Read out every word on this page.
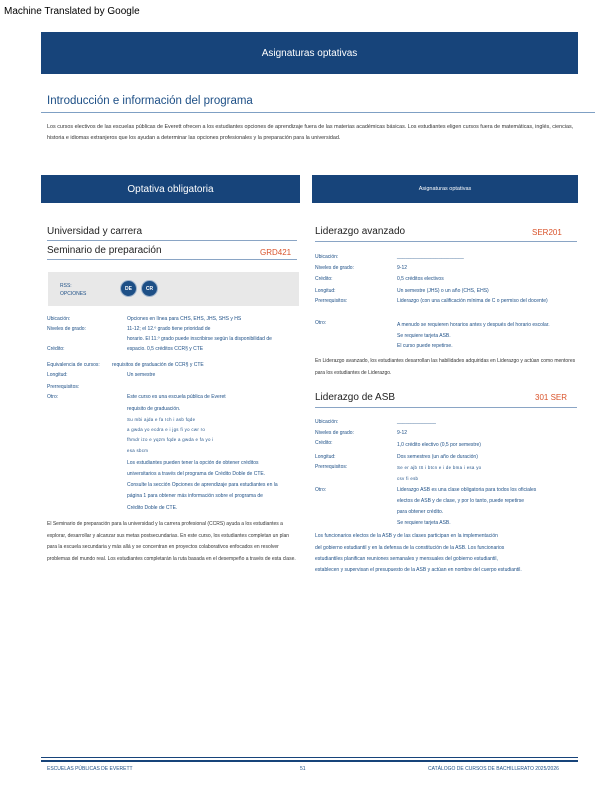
Machine Translated by Google
Asignaturas optativas
Introducción e información del programa
Los cursos electivos de las escuelas públicas de Everett ofrecen a los estudiantes opciones de aprendizaje fuera de las materias académicas básicas. Los estudiantes eligen cursos fuera de matemáticas, inglés, ciencias, historia e idiomas extranjeros que los ayudan a determinar las opciones profesionales y la preparación para la universidad.
Optativa obligatoria	Asignaturas optativas
Universidad y carrera
Seminario de preparación	GRD421
RSS:
OPCIONES
DE	CR
Ubicación:	Opciones en línea para CHS, EHS, JHS, SHS y HS
Niveles de grado:	11-12; el 12.º grado tiene prioridad de
horario. El 11.º grado puede inscribirse según la disponibilidad de
Crédito:	espacio. 0,5 créditos CCR§ y CTE
Equivalencia de cursos: requisitos de graduación de CCR§ y CTE
Longitud:	Un semestre
Prerrequisitos:
Otro:	Este curso es una escuela pública de Everet
requisito de graduación.
Su mbi ajda e fa Ich i asb fqde
a gwda yo ecdra e i jgs fi yo cwr ro
fhmdr izo e yqzm fqde a gwda e fa yo i
esa sbcm
Los estudiantes pueden tener la opción de obtener créditos
universitarios a través del programa de Crédito Doble de CTE.
Consulte la sección Opciones de aprendizaje para estudiantes en la
página 1 para obtener más información sobre el programa de
Crédito Doble de CTE.
El Seminario de preparación para la universidad y la carrera profesional (CCRS) ayuda a los estudiantes a explorar, desarrollar y alcanzar sus metas postsecundarias. En este curso, los estudiantes completan un plan para la escuela secundaria y más allá y se concentran en proyectos colaborativos enfocados en resolver problemas del mundo real. Los estudiantes completarán la ruta basada en el desempeño a través de esta clase.
Liderazgo avanzado	SER201
Ubicación:	________________________
Niveles de grado:	9-12
Crédito:	0,5 créditos electivos
Longitud:	Un semestre (JHS) o un año (CHS, EHS)
Prerrequisitos:	Liderazgo (con una calificación mínima de C o permiso del docente)
Otro:	A menudo se requieren horarios antes y después del horario escolar.
Se requiere tarjeta ASB.
El curso puede repetirse.
En Liderazgo avanzado, los estudiantes desarrollan las habilidades adquiridas en Liderazgo y actúan como mentores para los estudiantes de Liderazgo.
Liderazgo de ASB	301 SER
Ubicación:	______________
Niveles de grado:	9-12
Crédito:	1,0 crédito electivo (0,5 por semestre)
Longitud:	Dos semestres (un año de duración)
Prerrequisitos:	Se er ajb IS i btcn e i de bma i esa yo
csv fi esb
Otro:	Liderazgo ASB es una clase obligatoria para todos los oficiales
electos de ASB y de clase, y por lo tanto, puede repetirse
para obtener crédito.
Se requiere tarjeta ASB.
Los funcionarios electos de la ASB y de las clases participan en la implementación
del gobierno estudiantil y en la defensa de la constitución de la ASB. Los funcionarios
estudiantiles planifican reuniones semanales y mensuales del gobierno estudiantil,
establecen y supervisan el presupuesto de la ASB y actúan en nombre del cuerpo estudiantil.
ESCUELAS PÚBLICAS DE EVERETT	51	CATÁLOGO DE CURSOS DE BACHILLERATO 2025/2026
